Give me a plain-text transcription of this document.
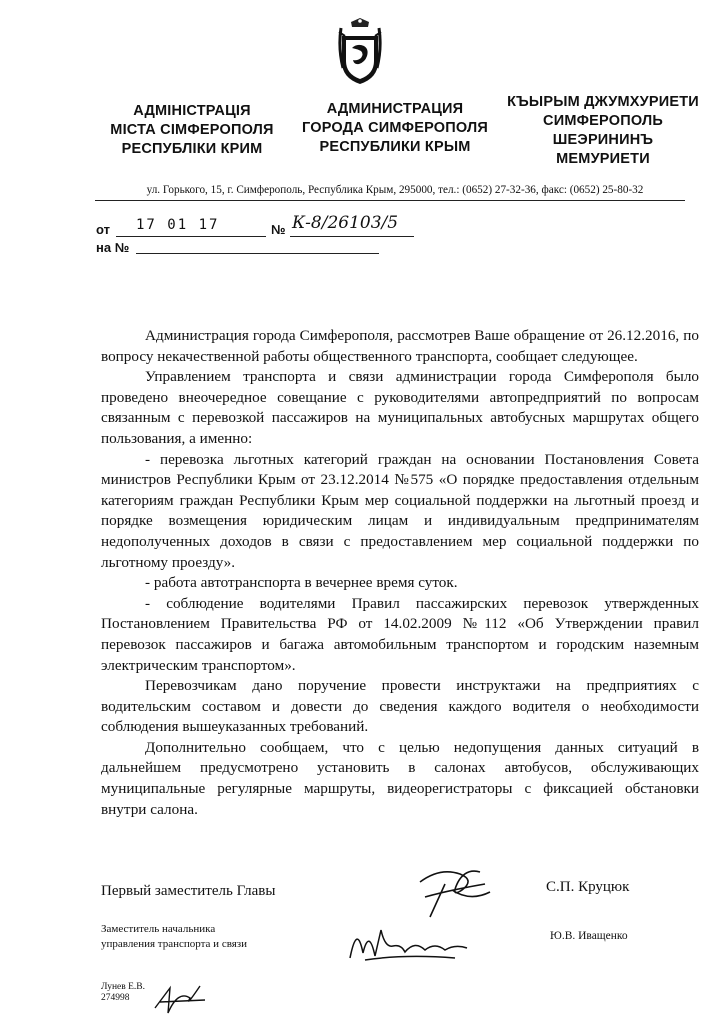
АДМІНІСТРАЦІЯ
МІСТА СІМФЕРОПОЛЯ
РЕСПУБЛІКИ КРИМ
АДМИНИСТРАЦИЯ
ГОРОДА СИМФЕРОПОЛЯ
РЕСПУБЛИКИ КРЫМ
КЪЫРЫМ ДЖУМХУРИЕТИ
СИМФЕРОПОЛЬ
ШЕЭРИНИНЪ
МЕМУРИЕТИ
ул. Горького, 15, г. Симферополь, Республика Крым, 295000, тел.: (0652) 27-32-36, факс: (0652) 25-80-32
от 17 01 17	№ К-8/26103/5
на №

Администрация города Симферополя, рассмотрев Ваше обращение от 26.12.2016, по вопросу некачественной работы общественного транспорта, сообщает следующее.

Управлением транспорта и связи администрации города Симферополя было проведено внеочередное совещание с руководителями автопредприятий по вопросам связанным с перевозкой пассажиров на муниципальных автобусных маршрутах общего пользования, а именно:

- перевозка льготных категорий граждан на основании Постановления Совета министров Республики Крым от 23.12.2014 №575 «О порядке предоставления отдельным категориям граждан Республики Крым мер социальной поддержки на льготный проезд и порядке возмещения юридическим лицам и индивидуальным предпринимателям недополученных доходов в связи с предоставлением мер социальной поддержки по льготному проезду».

- работа автотранспорта в вечернее время суток.

- соблюдение водителями Правил пассажирских перевозок утвержденных Постановлением Правительства РФ от 14.02.2009 №112 «Об Утверждении правил перевозок пассажиров и багажа автомобильным транспортом и городским наземным электрическим транспортом».

Перевозчикам дано поручение провести инструктажи на предприятиях с водительским составом и довести до сведения каждого водителя о необходимости соблюдения вышеуказанных требований.

Дополнительно сообщаем, что с целью недопущения данных ситуаций в дальнейшем предусмотрено установить в салонах автобусов, обслуживающих муниципальные регулярные маршруты, видеорегистраторы с фиксацией обстановки внутри салона.

Первый заместитель Главы	С.П. Круцюк
Заместитель начальника
управления транспорта и связи
Ю.В. Иващенко
Лунев Е.В.
274998
